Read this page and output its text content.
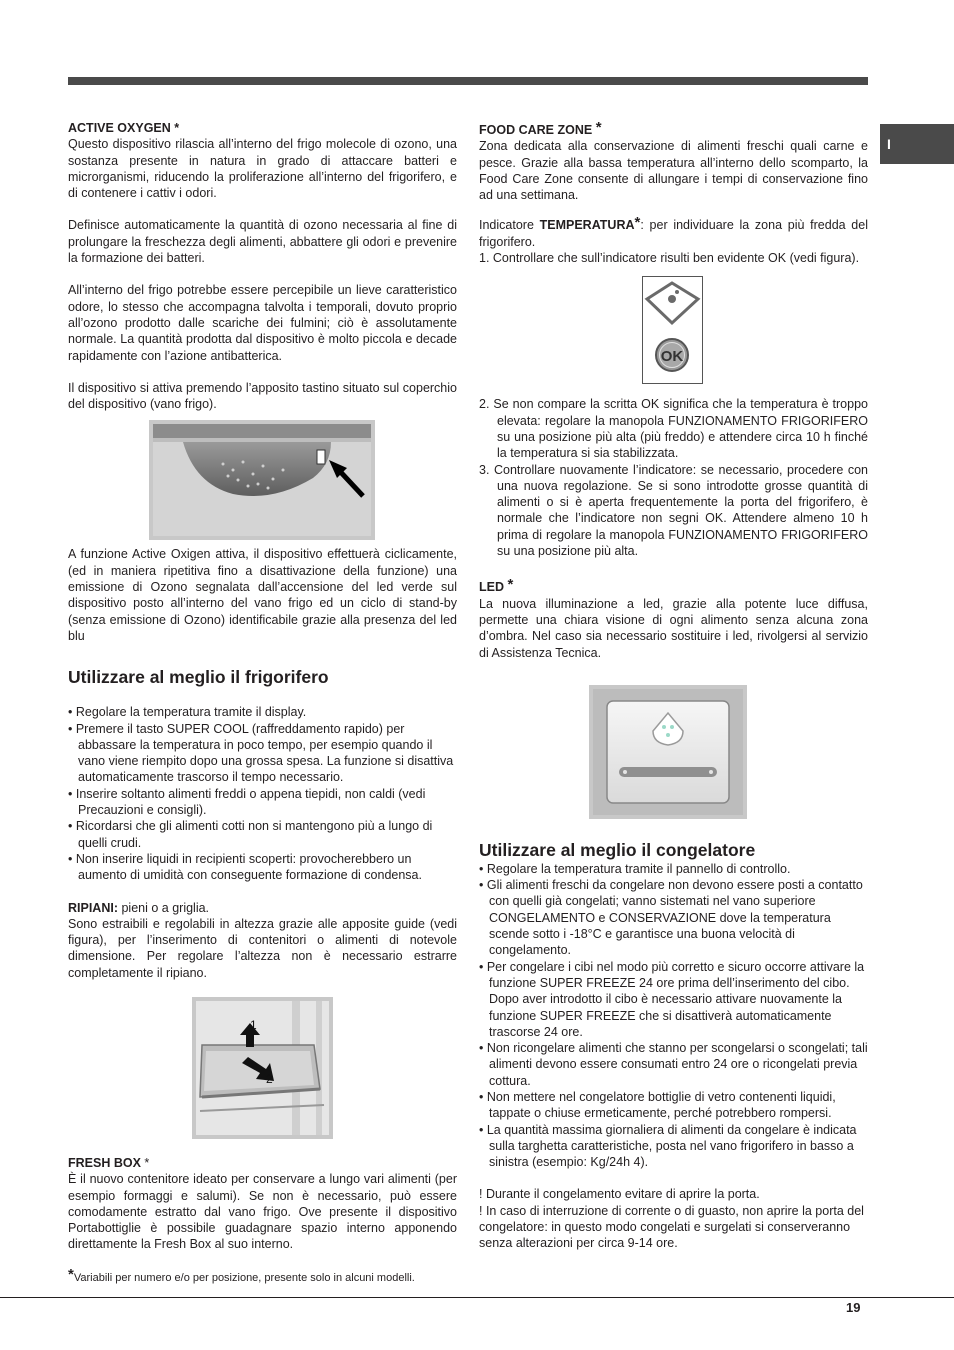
I

ACTIVE OXYGEN *

Questo dispositivo rilascia all’interno del frigo molecole di ozono, una sostanza presente in natura in grado di attaccare batteri e microrganismi, riducendo la proliferazione all’interno del frigorifero, e di contenere i cattiv i odori.

Definisce automaticamente la quantità di ozono necessaria al fine di prolungare la freschezza degli alimenti, abbattere gli odori e prevenire la formazione dei batteri.

All’interno del frigo potrebbe essere percepibile un lieve caratteristico odore, lo stesso che accompagna talvolta i temporali, dovuto proprio all’ozono prodotto dalle scariche dei fulmini; ciò è assolutamente normale. La quantità prodotta dal dispositivo è molto piccola e decade rapidamente con l’azione antibatterica.

Il dispositivo si attiva premendo l’apposito tastino situato sul coperchio del dispositivo (vano frigo).

A funzione Active Oxigen attiva, il dispositivo effettuerà ciclicamente, (ed in maniera ripetitiva fino a disattivazione della funzione) una emissione di Ozono segnalata dall’accensione del led verde sul dispositivo posto all’interno del vano frigo ed un ciclo di stand-by (senza emissione di Ozono) identificabile grazie alla presenza del led blu

Utilizzare al meglio il frigorifero
• Regolare la temperatura tramite il display.
• Premere il tasto SUPER COOL (raffreddamento rapido) per abbassare la temperatura in poco tempo, per esempio quando il vano viene riempito dopo una grossa spesa. La funzione si disattiva automaticamente trascorso il tempo necessario.
• Inserire soltanto alimenti freddi o appena tiepidi, non caldi (vedi Precauzioni e consigli).
• Ricordarsi che gli alimenti cotti non si mantengono più a lungo di quelli crudi.
• Non inserire liquidi in recipienti scoperti: provocherebbero un aumento di umidità con conseguente formazione di condensa.

RIPIANI: pieni o a griglia.

Sono estraibili e regolabili in altezza grazie alle apposite guide (vedi figura), per l’inserimento di contenitori o alimenti di notevole dimensione. Per regolare l’altezza non è necessario estrarre completamente il ripiano.

1
2

FRESH BOX *

È il nuovo contenitore ideato per conservare a lungo vari alimenti (per esempio formaggi e salumi). Se non è necessario, può essere comodamente estratto dal vano frigo. Ove presente il dispositivo Portabottiglie è possibile guadagnare spazio interno apponendo direttamente la Fresh Box al suo interno.

*Variabili per numero e/o per posizione, presente solo in alcuni modelli.

FOOD CARE ZONE *

Zona dedicata alla conservazione di alimenti freschi quali carne e pesce. Grazie alla bassa temperatura all’interno dello scomparto, la Food Care Zone consente di allungare i tempi di conservazione fino ad una settimana.

Indicatore TEMPERATURA*: per individuare la zona più fredda del frigorifero.

1. Controllare che sull’indicatore risulti ben evidente OK (vedi figura).
OK
2. Se non compare la scritta OK significa che la temperatura è troppo elevata: regolare la manopola FUNZIONAMENTO FRIGORIFERO su una posizione più alta (più freddo) e attendere circa 10 h finché la temperatura si sia stabilizzata.
3. Controllare nuovamente l’indicatore: se necessario, procedere con una nuova regolazione. Se si sono introdotte grosse quantità di alimenti o si è aperta frequentemente la porta del frigorifero, è normale che l’indicatore non segni OK. Attendere almeno 10 h prima di regolare la manopola FUNZIONAMENTO FRIGORIFERO su una posizione più alta.

LED *

La nuova illuminazione a led, grazie alla potente luce diffusa, permette una chiara visione di ogni alimento senza alcuna zona d’ombra. Nel caso sia necessario sostituire i led, rivolgersi al servizio di Assistenza Tecnica.

Utilizzare al meglio il congelatore
• Regolare la temperatura tramite il pannello di controllo.
• Gli alimenti freschi da congelare non devono essere posti a contatto con quelli già congelati; vanno sistemati nel vano superiore CONGELAMENTO e CONSERVAZIONE dove la temperatura scende sotto i -18°C e garantisce una buona velocità di congelamento.
• Per congelare i cibi nel modo più corretto e sicuro occorre attivare la funzione SUPER FREEZE 24 ore prima dell’inserimento del cibo. Dopo aver introdotto il cibo è necessario attivare nuovamente la funzione SUPER FREEZE che si disattiverà automaticamente trascorse 24 ore.
• Non ricongelare alimenti che stanno per scongelarsi o scongelati; tali alimenti devono essere consumati entro 24 ore o ricongelati previa cottura.
• Non mettere nel congelatore bottiglie di vetro contenenti liquidi, tappate o chiuse ermeticamente, perché potrebbero rompersi.
• La quantità massima giornaliera di alimenti da congelare è indicata sulla targhetta caratteristiche, posta nel vano frigorifero in basso a sinistra (esempio: Kg/24h 4).

! Durante il congelamento evitare di aprire la porta.

! In caso di interruzione di corrente o di guasto, non aprire la porta del congelatore: in questo modo congelati e surgelati si conserveranno senza alterazioni per circa 9-14 ore.

19
